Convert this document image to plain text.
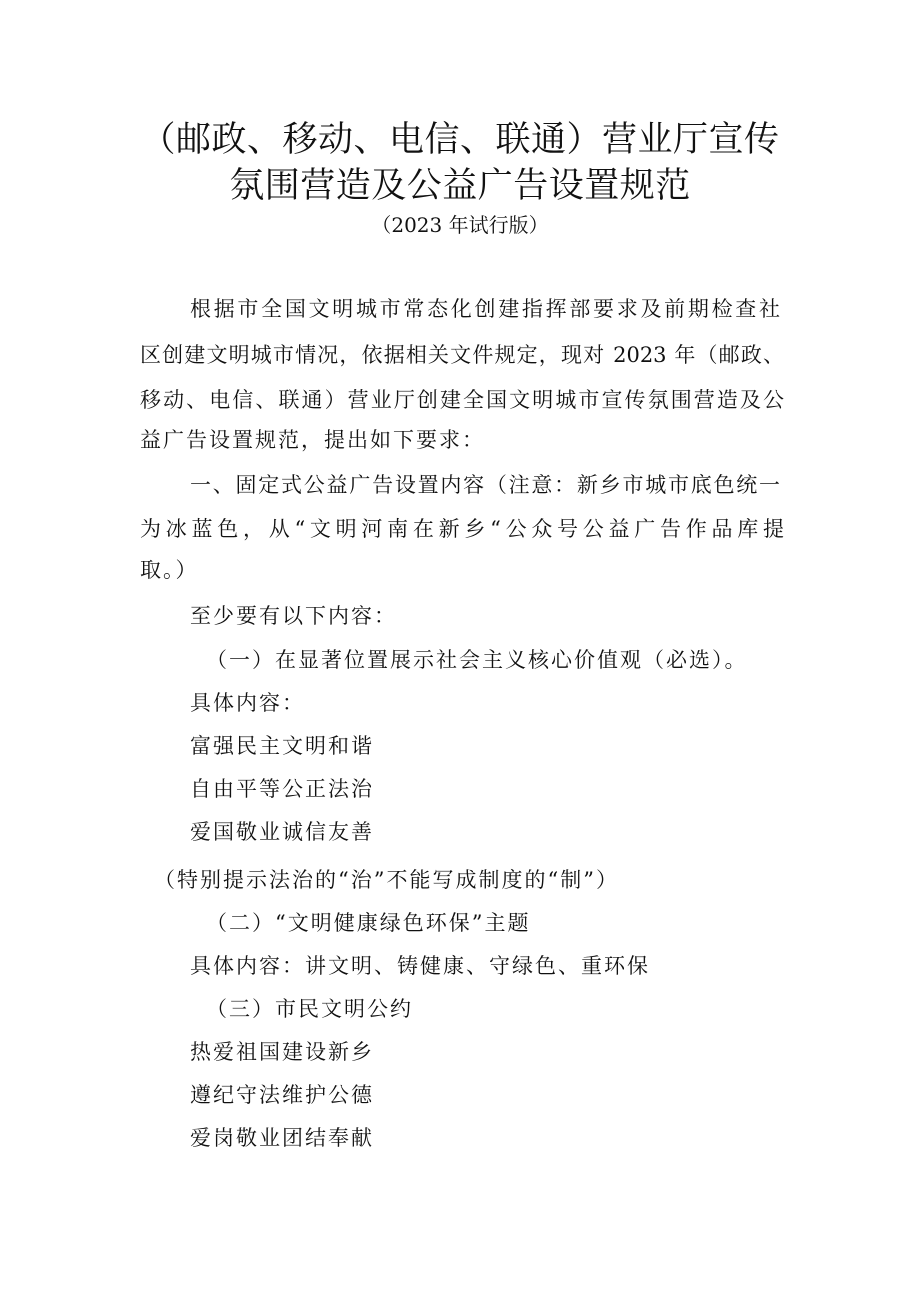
（邮政、移动、电信、联通）营业厅宣传
氛围营造及公益广告设置规范
（2023 年试行版）
根据市全国文明城市常态化创建指挥部要求及前期检查社
区创建文明城市情况，依据相关文件规定，现对 2023 年（邮政、
移动、电信、联通）营业厅创建全国文明城市宣传氛围营造及公
益广告设置规范，提出如下要求：
一、固定式公益广告设置内容（注意：新乡市城市底色统一
为冰蓝色，从“文明河南在新乡“公众号公益广告作品库提
取。）
至少要有以下内容：
（一）在显著位置展示社会主义核心价值观（必选）。
具体内容：
富强民主文明和谐
自由平等公正法治
爱国敬业诚信友善
（特别提示法治的“治”不能写成制度的“制”）
（二）“文明健康绿色环保”主题
具体内容：讲文明、铸健康、守绿色、重环保
（三）市民文明公约
热爱祖国建设新乡
遵纪守法维护公德
爱岗敬业团结奉献
